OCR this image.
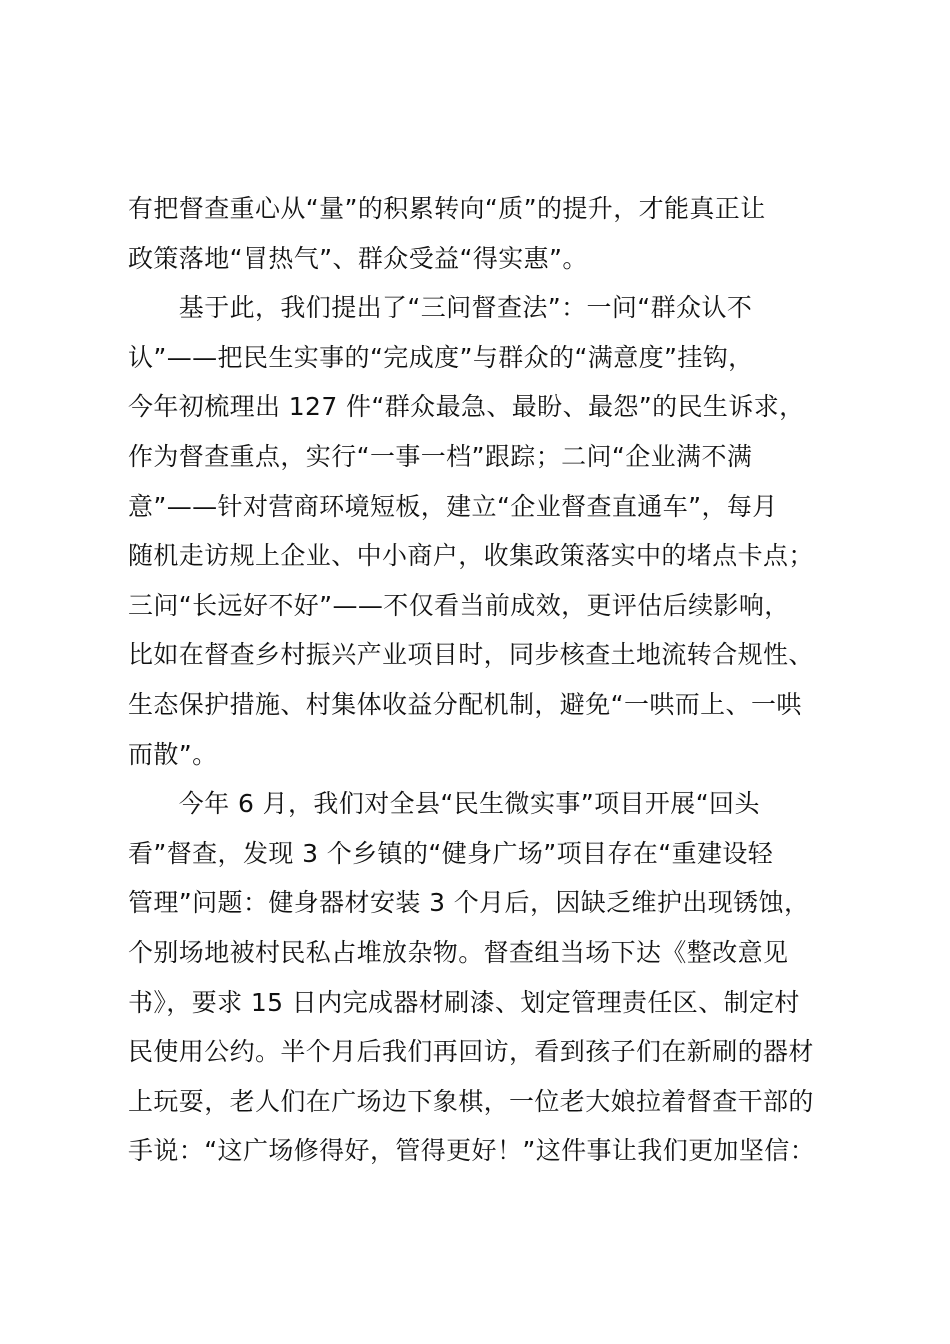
有把督查重心从“量”的积累转向“质”的提升，才能真正让
政策落地“冒热气”、群众受益“得实惠”。
　　基于此，我们提出了“三问督查法”：一问“群众认不
认”——把民生实事的“完成度”与群众的“满意度”挂钩，
今年初梳理出 127 件“群众最急、最盼、最怨”的民生诉求，
作为督查重点，实行“一事一档”跟踪；二问“企业满不满
意”——针对营商环境短板，建立“企业督查直通车”，每月
随机走访规上企业、中小商户，收集政策落实中的堵点卡点；
三问“长远好不好”——不仅看当前成效，更评估后续影响，
比如在督查乡村振兴产业项目时，同步核查土地流转合规性、
生态保护措施、村集体收益分配机制，避免“一哄而上、一哄
而散”。
　　今年 6 月，我们对全县“民生微实事”项目开展“回头
看”督查，发现 3 个乡镇的“健身广场”项目存在“重建设轻
管理”问题：健身器材安装 3 个月后，因缺乏维护出现锈蚀，
个别场地被村民私占堆放杂物。督查组当场下达《整改意见
书》，要求 15 日内完成器材刷漆、划定管理责任区、制定村
民使用公约。半个月后我们再回访，看到孩子们在新刷的器材
上玩耍，老人们在广场边下象棋，一位老大娘拉着督查干部的
手说：“这广场修得好，管得更好！”这件事让我们更加坚信：
